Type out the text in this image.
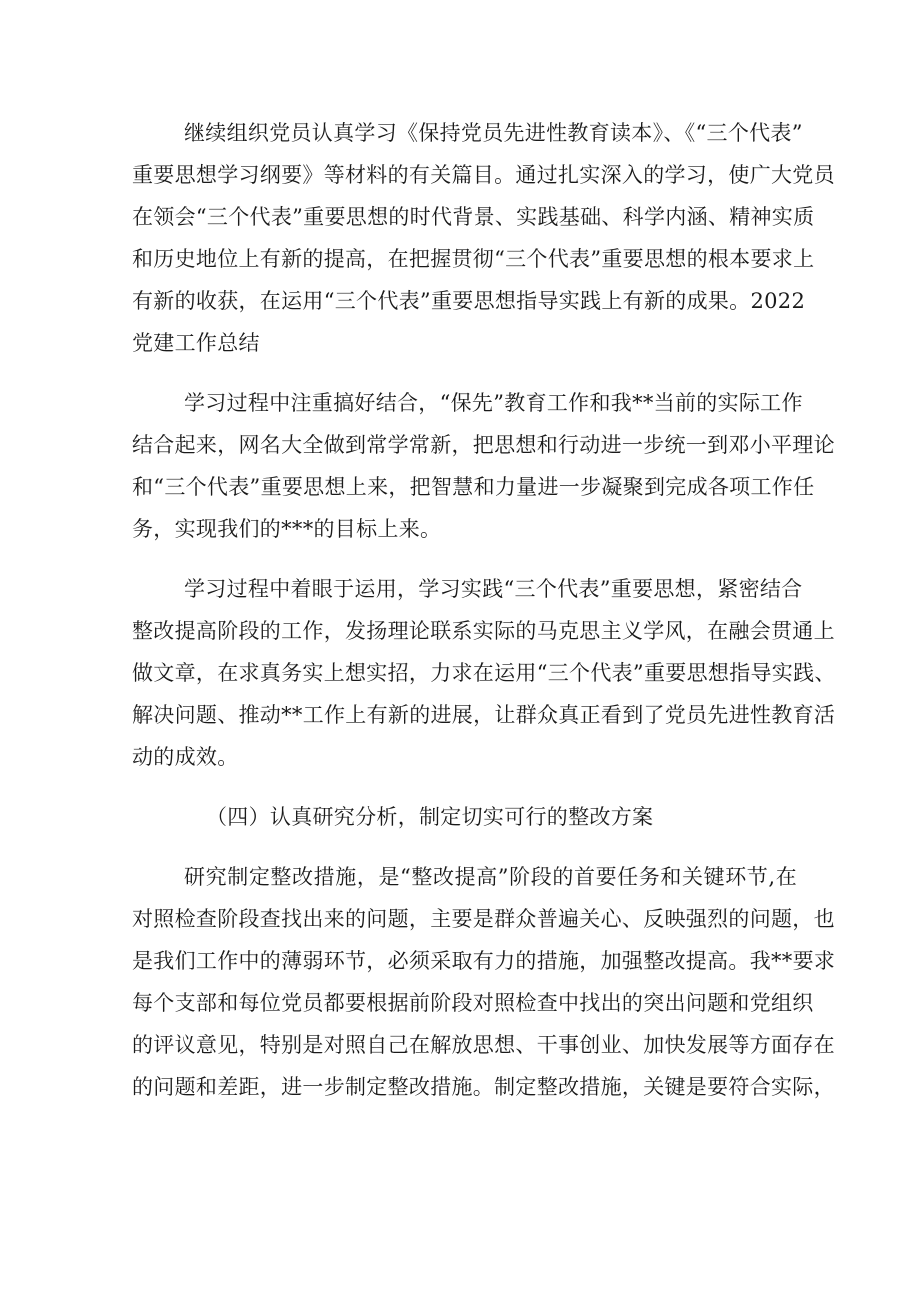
继续组织党员认真学习《保持党员先进性教育读本》、《“三个代表”
重要思想学习纲要》等材料的有关篇目。通过扎实深入的学习，使广大党员
在领会“三个代表”重要思想的时代背景、实践基础、科学内涵、精神实质
和历史地位上有新的提高，在把握贯彻“三个代表”重要思想的根本要求上
有新的收获，在运用“三个代表”重要思想指导实践上有新的成果。2022
党建工作总结
学习过程中注重搞好结合，“保先”教育工作和我**当前的实际工作
结合起来，网名大全做到常学常新，把思想和行动进一步统一到邓小平理论
和“三个代表”重要思想上来，把智慧和力量进一步凝聚到完成各项工作任
务，实现我们的***的目标上来。
学习过程中着眼于运用，学习实践“三个代表”重要思想，紧密结合
整改提高阶段的工作，发扬理论联系实际的马克思主义学风，在融会贯通上
做文章，在求真务实上想实招，力求在运用“三个代表”重要思想指导实践、
解决问题、推动**工作上有新的进展，让群众真正看到了党员先进性教育活
动的成效。
（四）认真研究分析，制定切实可行的整改方案
研究制定整改措施，是“整改提高”阶段的首要任务和关键环节,在
对照检查阶段查找出来的问题，主要是群众普遍关心、反映强烈的问题，也
是我们工作中的薄弱环节，必须采取有力的措施，加强整改提高。我**要求
每个支部和每位党员都要根据前阶段对照检查中找出的突出问题和党组织
的评议意见，特别是对照自己在解放思想、干事创业、加快发展等方面存在
的问题和差距，进一步制定整改措施。制定整改措施，关键是要符合实际，
